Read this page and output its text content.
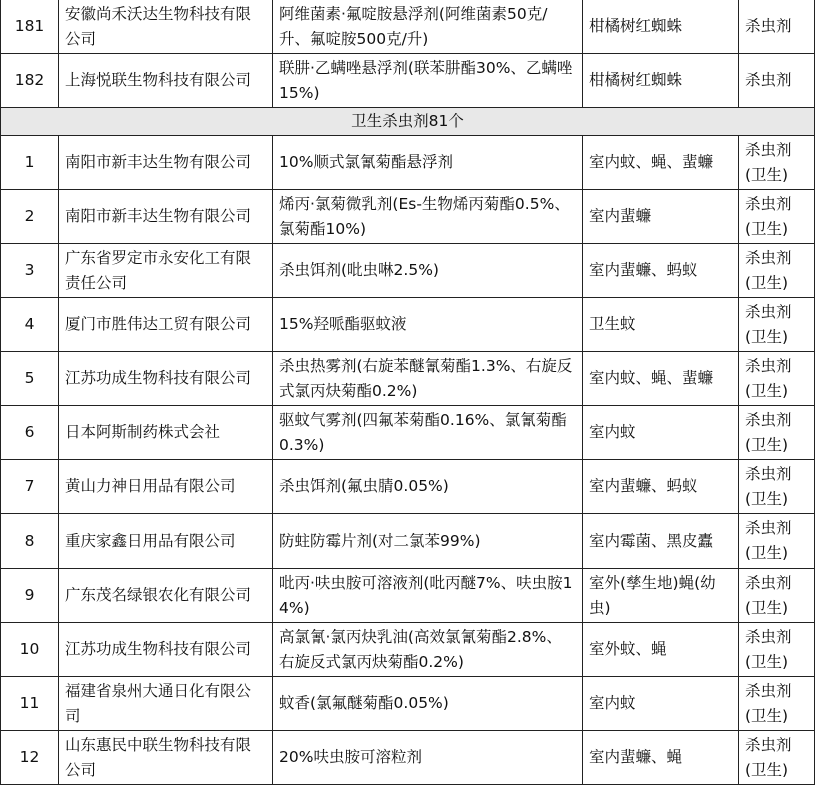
181	安徽尚禾沃达生物科技有限公司	阿维菌素·氟啶胺悬浮剂(阿维菌素50克/升、氟啶胺500克/升)	柑橘树红蜘蛛	杀虫剂
182	上海悦联生物科技有限公司	联肼·乙螨唑悬浮剂(联苯肼酯30%、乙螨唑15%)	柑橘树红蜘蛛	杀虫剂
卫生杀虫剂81个				
1	南阳市新丰达生物有限公司	10%顺式氯氰菊酯悬浮剂	室内蚊、蝇、蜚蠊	杀虫剂(卫生)
2	南阳市新丰达生物有限公司	烯丙·氯菊微乳剂(Es-生物烯丙菊酯0.5%、氯菊酯10%)	室内蜚蠊	杀虫剂(卫生)
3	广东省罗定市永安化工有限责任公司	杀虫饵剂(吡虫啉2.5%)	室内蜚蠊、蚂蚁	杀虫剂(卫生)
4	厦门市胜伟达工贸有限公司	15%羟哌酯驱蚊液	卫生蚊	杀虫剂(卫生)
5	江苏功成生物科技有限公司	杀虫热雾剂(右旋苯醚氰菊酯1.3%、右旋反式氯丙炔菊酯0.2%)	室内蚊、蝇、蜚蠊	杀虫剂(卫生)
6	日本阿斯制药株式会社	驱蚊气雾剂(四氟苯菊酯0.16%、氯氰菊酯0.3%)	室内蚊	杀虫剂(卫生)
7	黄山力神日用品有限公司	杀虫饵剂(氟虫腈0.05%)	室内蜚蠊、蚂蚁	杀虫剂(卫生)
8	重庆家鑫日用品有限公司	防蛀防霉片剂(对二氯苯99%)	室内霉菌、黑皮蠹	杀虫剂(卫生)
9	广东茂名绿银农化有限公司	吡丙·呋虫胺可溶液剂(吡丙醚7%、呋虫胺14%)	室外(孳生地)蝇(幼虫)	杀虫剂(卫生)
10	江苏功成生物科技有限公司	高氯氰·氯丙炔乳油(高效氯氰菊酯2.8%、右旋反式氯丙炔菊酯0.2%)	室外蚊、蝇	杀虫剂(卫生)
11	福建省泉州大通日化有限公司	蚊香(氯氟醚菊酯0.05%)	室内蚊	杀虫剂(卫生)
12	山东惠民中联生物科技有限公司	20%呋虫胺可溶粒剂	室内蜚蠊、蝇	杀虫剂(卫生)
